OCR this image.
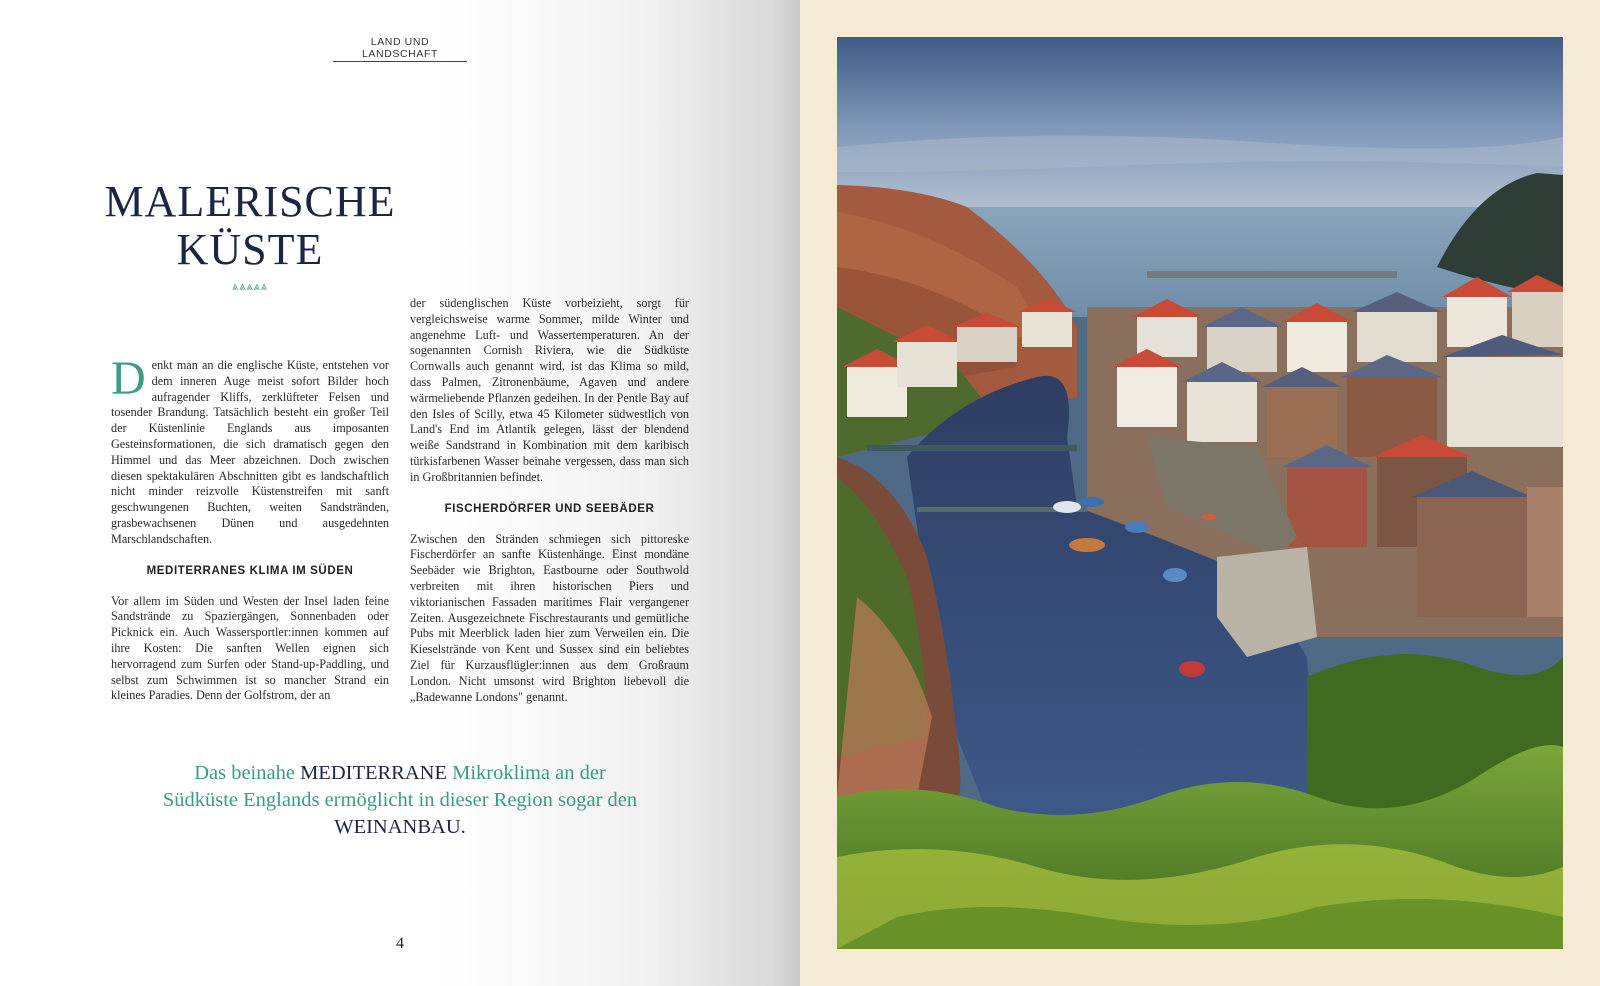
LAND UND LANDSCHAFT
MALERISCHE
KÜSTE
⩓⩓⩓⩓⩓

Denkt man an die englische Küste, entstehen vor dem inneren Auge meist sofort Bilder hoch aufragender Kliffs, zerklüfteter Felsen und tosender Brandung. Tatsächlich besteht ein großer Teil der Küstenlinie Englands aus imposanten Gesteinsformationen, die sich dramatisch gegen den Himmel und das Meer abzeichnen. Doch zwischen diesen spektakulären Abschnitten gibt es landschaftlich nicht minder reizvolle Küstenstreifen mit sanft geschwungenen Buchten, weiten Sandstränden, grasbewachsenen Dünen und ausgedehnten Marschlandschaften.

MEDITERRANES KLIMA IM SÜDEN

Vor allem im Süden und Westen der Insel laden feine Sandstrände zu Spaziergängen, Sonnenbaden oder Picknick ein. Auch Wassersportler:innen kommen auf ihre Kosten: Die sanften Wellen eignen sich hervorragend zum Surfen oder Stand-up-Paddling, und selbst zum Schwimmen ist so mancher Strand ein kleines Paradies. Denn der Golfstrom, der an

der südenglischen Küste vorbeizieht, sorgt für vergleichsweise warme Sommer, milde Winter und angenehme Luft- und Wassertemperaturen. An der sogenannten Cornish Riviera, wie die Südküste Cornwalls auch genannt wird, ist das Klima so mild, dass Palmen, Zitronenbäume, Agaven und andere wärmeliebende Pflanzen gedeihen. In der Pentle Bay auf den Isles of Scilly, etwa 45 Kilometer südwestlich von Land's End im Atlantik gelegen, lässt der blendend weiße Sandstrand in Kombination mit dem karibisch türkisfarbenen Wasser beinahe vergessen, dass man sich in Großbritannien befindet.

FISCHERDÖRFER UND SEEBÄDER

Zwischen den Stränden schmiegen sich pittoreske Fischerdörfer an sanfte Küstenhänge. Einst mondäne Seebäder wie Brighton, Eastbourne oder Southwold verbreiten mit ihren historischen Piers und viktorianischen Fassaden maritimes Flair vergangener Zeiten. Ausgezeichnete Fischrestaurants und gemütliche Pubs mit Meerblick laden hier zum Verweilen ein. Die Kieselstrände von Kent und Sussex sind ein beliebtes Ziel für Kurzausflügler:innen aus dem Großraum London. Nicht umsonst wird Brighton liebevoll die „Badewanne Londons" genannt.

Das beinahe MEDITERRANE Mikroklima an der Südküste Englands ermöglicht in dieser Region sogar den WEINANBAU.
4
